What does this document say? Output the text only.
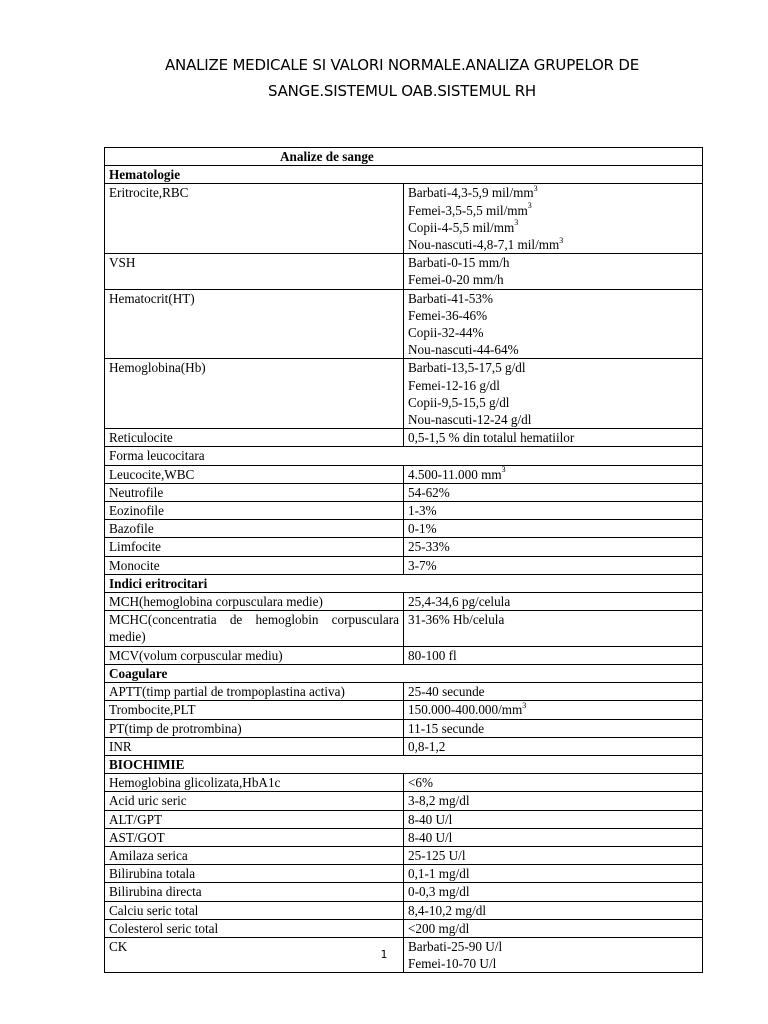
ANALIZE MEDICALE SI VALORI NORMALE.ANALIZA GRUPELOR DE
SANGE.SISTEMUL OAB.SISTEMUL RH
Analize de sange	
Hematologie	
Eritrocite,RBC	Barbati-4,3-5,9 mil/$mm^3$
Femei-3,5-5,5 mil/$mm^3$
Copii-4-5,5 mil/$mm^3$
Nou-nascuti-4,8-7,1 mil/$mm^3$

VSH	Barbati-0-15 mm/h
Femei-0-20 mm/h

Hematocrit(HT)	Barbati-41-53%
Femei-36-46%
Copii-32-44%
Nou-nascuti-44-64%

Hemoglobina(Hb)	Barbati-13,5-17,5 g/dl
Femei-12-16 g/dl
Copii-9,5-15,5 g/dl
Nou-nascuti-12-24 g/dl

Reticulocite	0,5-1,5 % din totalul hematiilor

Forma leucocitara	
Leucocite,WBC	4.500-11.000 $mm^3$

Neutrofile	54-62%

Eozinofile	1-3%

Bazofile	0-1%

Limfocite	25-33%

Monocite	3-7%

Indici eritrocitari	
MCH(hemoglobina corpusculara medie)	25,4-34,6 pg/celula

MCHC(concentratia de hemoglobin corpusculara medie)	31-36% Hb/celula

MCV(volum corpuscular mediu)	80-100 fl

Coagulare	
APTT(timp partial de trompoplastina activa)	25-40 secunde

Trombocite,PLT	$150.000-400.000/mm^3$

PT(timp de protrombina)	11-15 secunde

INR	0,8-1,2

BIOCHIMIE	
Hemoglobina glicolizata,HbA1c	<6%

Acid uric seric	3-8,2 mg/dl

ALT/GPT	8-40 U/l

AST/GOT	8-40 U/l

Amilaza serica	25-125 U/l

Bilirubina totala	0,1-1 mg/dl

Bilirubina directa	0-0,3 mg/dl

Calciu seric total	8,4-10,2 mg/dl

Colesterol seric total	<200 mg/dl

CK	Barbati-25-90 U/l
Femei-10-70 U/l
1
